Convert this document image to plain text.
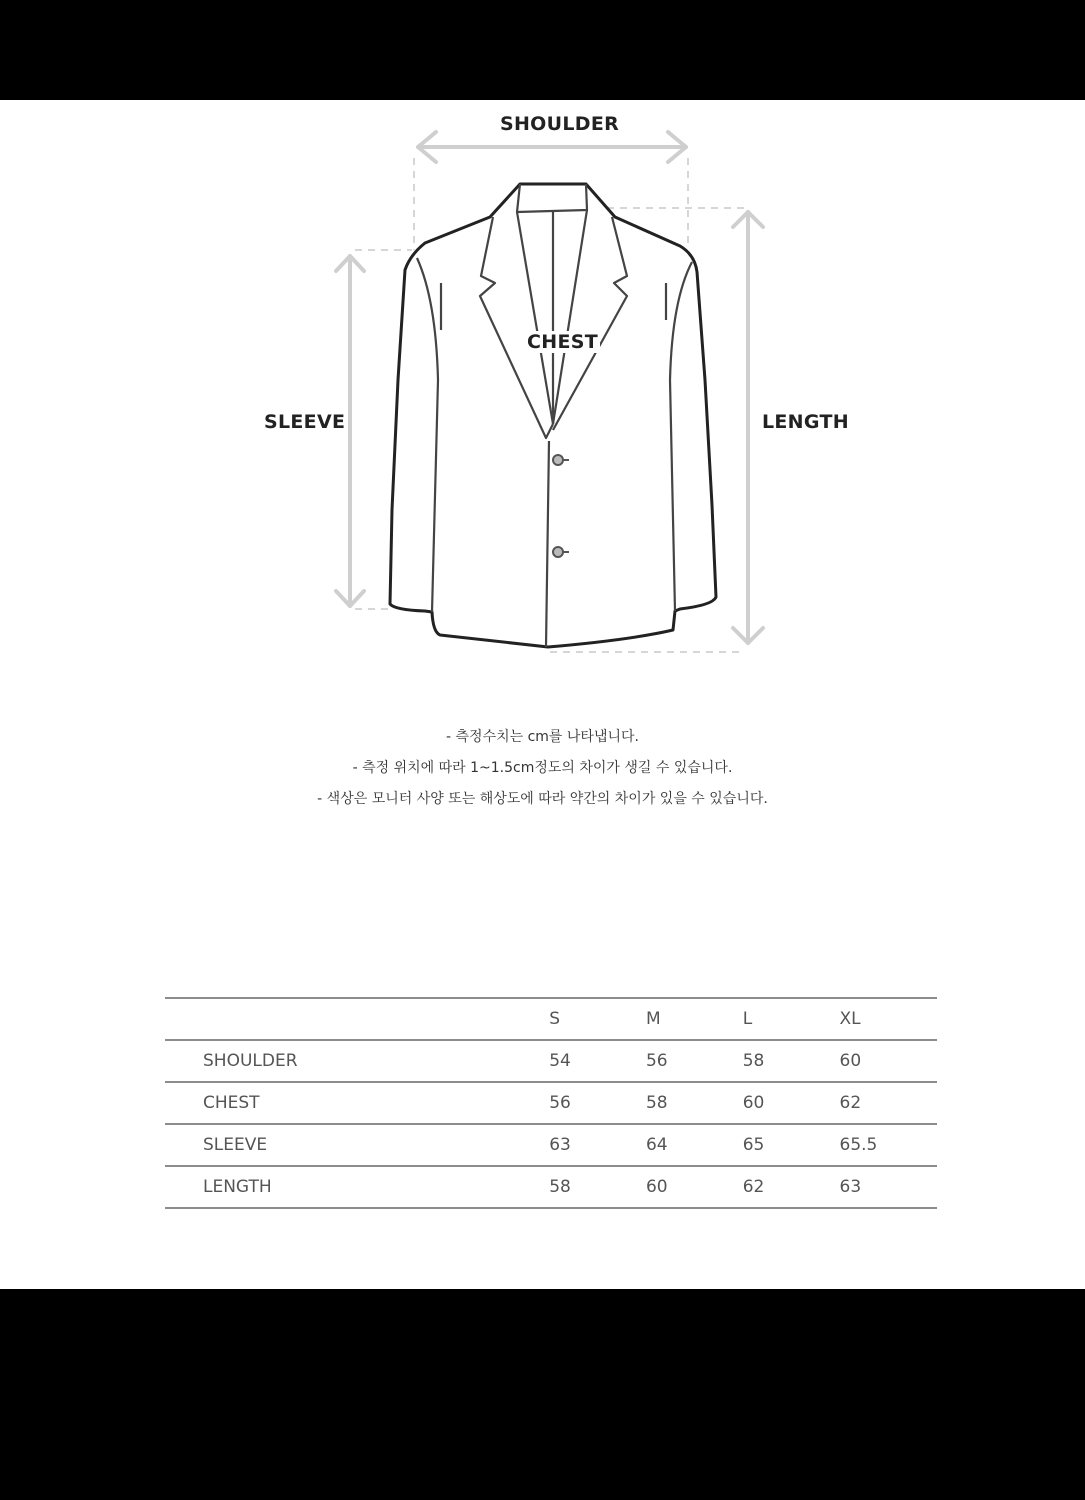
SHOULDER
CHEST
SLEEVE	LENGTH
- 측정수치는 cm를 나타냅니다.
- 측정 위치에 따라 1~1.5cm정도의 차이가 생길 수 있습니다.
- 색상은 모니터 사양 또는 해상도에 따라 약간의 차이가 있을 수 있습니다.
	S	M	L	XL
SHOULDER	54	56	58	60
CHEST	56	58	60	62
SLEEVE	63	64	65	65.5
LENGTH	58	60	62	63
